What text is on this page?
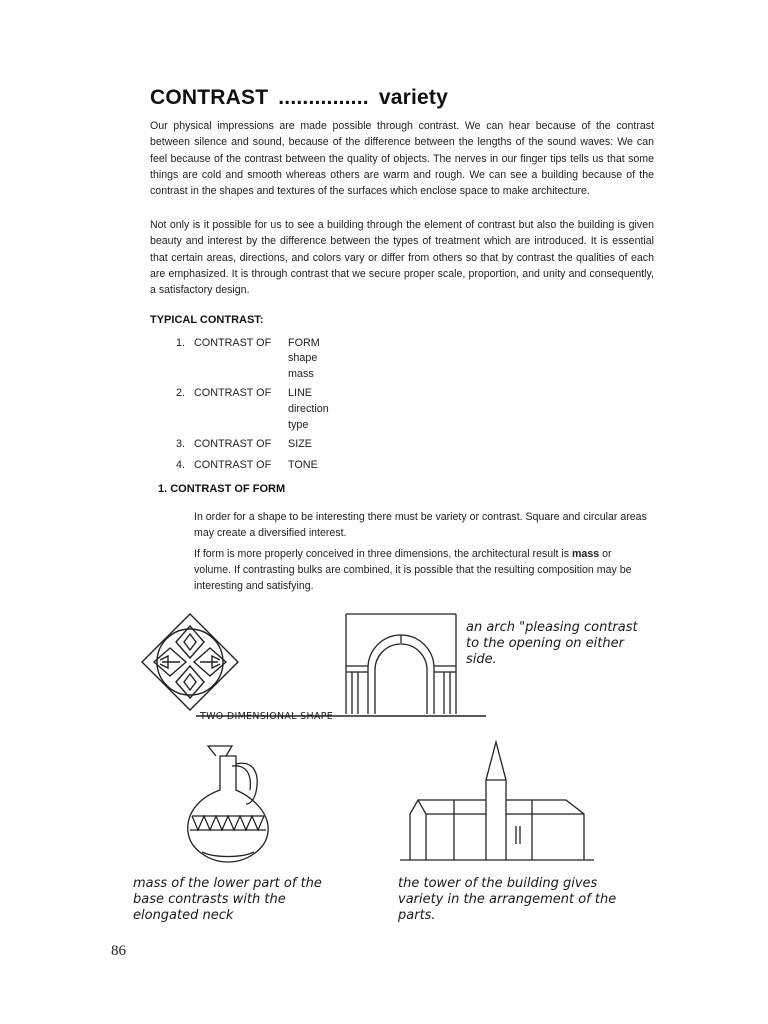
CONTRAST ............... variety

Our physical impressions are made possible through contrast. We can hear because of the contrast between silence and sound, because of the difference between the lengths of the sound waves: We can feel because of the contrast between the quality of objects. The nerves in our finger tips tells us that some things are cold and smooth whereas others are warm and rough. We can see a building because of the contrast in the shapes and textures of the surfaces which enclose space to make architecture.

Not only is it possible for us to see a building through the element of contrast but also the building is given beauty and interest by the difference between the types of treatment which are introduced. It is essential that certain areas, directions, and colors vary or differ from others so that by contrast the qualities of each are emphasized. It is through contrast that we secure proper scale, proportion, and unity and consequently, a satisfactory design.

TYPICAL CONTRAST:
1. CONTRAST OF FORM
shape
mass
2. CONTRAST OF LINE
direction
type
3. CONTRAST OF SIZE
4. CONTRAST OF TONE
1. CONTRAST OF FORM

In order for a shape to be interesting there must be variety or contrast. Square and circular areas may create a diversified interest.

If form is more properly conceived in three dimensions, the architectural result is mass or volume. If contrasting bulks are combined, it is possible that the resulting composition may be interesting and satisfying.

TWO DIMENSIONAL SHAPE
an arch "pleasing contrast to the opening on either side.
mass of the lower part of the base contrasts with the elongated neck
the tower of the building gives variety in the arrangement of the parts.
86
